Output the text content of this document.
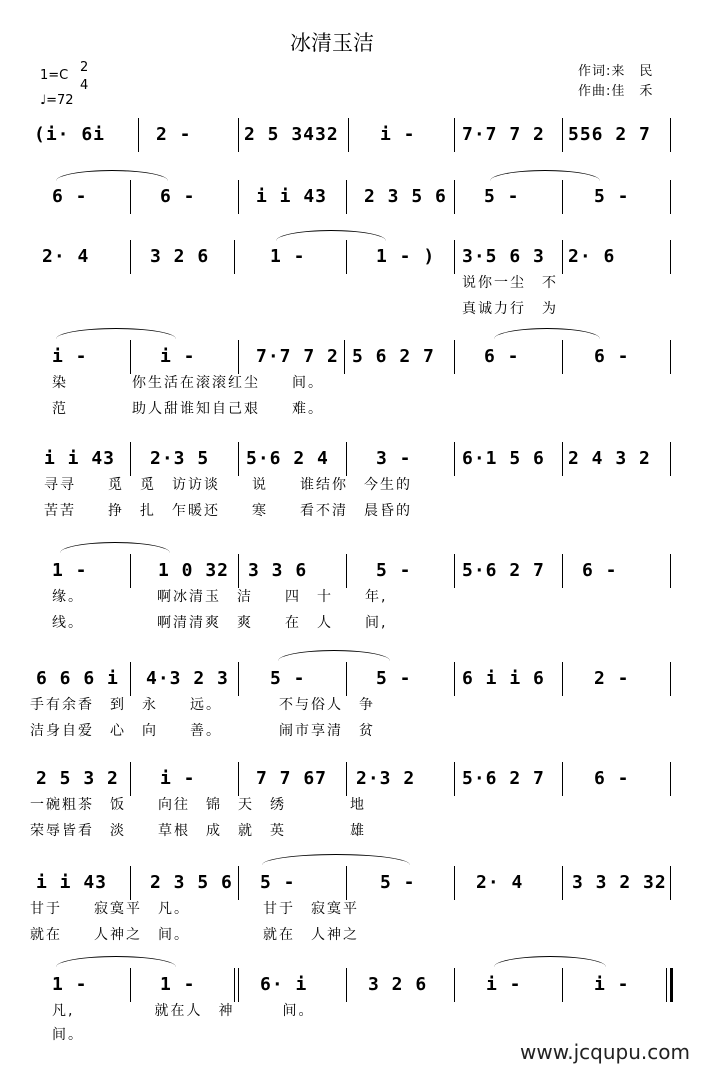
冰清玉洁
1=C
2
4
♩=72
作词:来　民
作曲:佳　禾
(i· 6i	2 -	2 5 3432 i -	7·7 7 2 556 2 7
6 -	6 -	i i 43 2 3 5 6 5 -	5 -
2· 4	3 2 6	1 -	1 - ) 3·5 6 3 2· 6
说你一尘　不
真诚力行　为
i -	i -	7·7 7 2 5 6 2 7	6 -	6 -
染　　　　你生活在滚滚红尘　　间。
范　　　　助人甜谁知自己艰　　难。
i i 43 2·3 5 5·6 2 4	3 -	6·1 5 6 2 4 3 2
寻寻　　觅　觅　访访谈　　说　　谁结你　今生的
苦苦　　挣　扎　乍暖还　　寒　　看不清　晨昏的
1 -	1 0 32 3 3 6	5 -	5·6 2 7 6 -
缘。　　　　　啊冰清玉　洁　　四　十　　年,
线。　　　　　啊清清爽　爽　　在　人　　间,
6 6 6 i 4·3 2 3 5 -	5 -	6 i i 6	2 -
手有余香　到　永　　远。　　　　不与俗人　争
洁身自爱　心　向　　善。　　　　闹市享清　贫
2 5 3 2 i -	7 7 67 2·3 2	5·6 2 7	6 -
一碗粗茶　饭　　向往　锦　天　绣　　　　地
荣辱皆看　淡　　草根　成　就　英　　　　雄
i i 43 2 3 5 6 5 -	5 -	2· 4	3 3 2 32
甘于　　寂寞平　凡。　　　　　甘于　寂寞平
就在　　人神之　间。　　　　　就在　人神之
1 -	1 -	6· i	3 2 6	i -	i -
凡,　　　　　就在人　神　　　间。
间。
www.jcqupu.com
